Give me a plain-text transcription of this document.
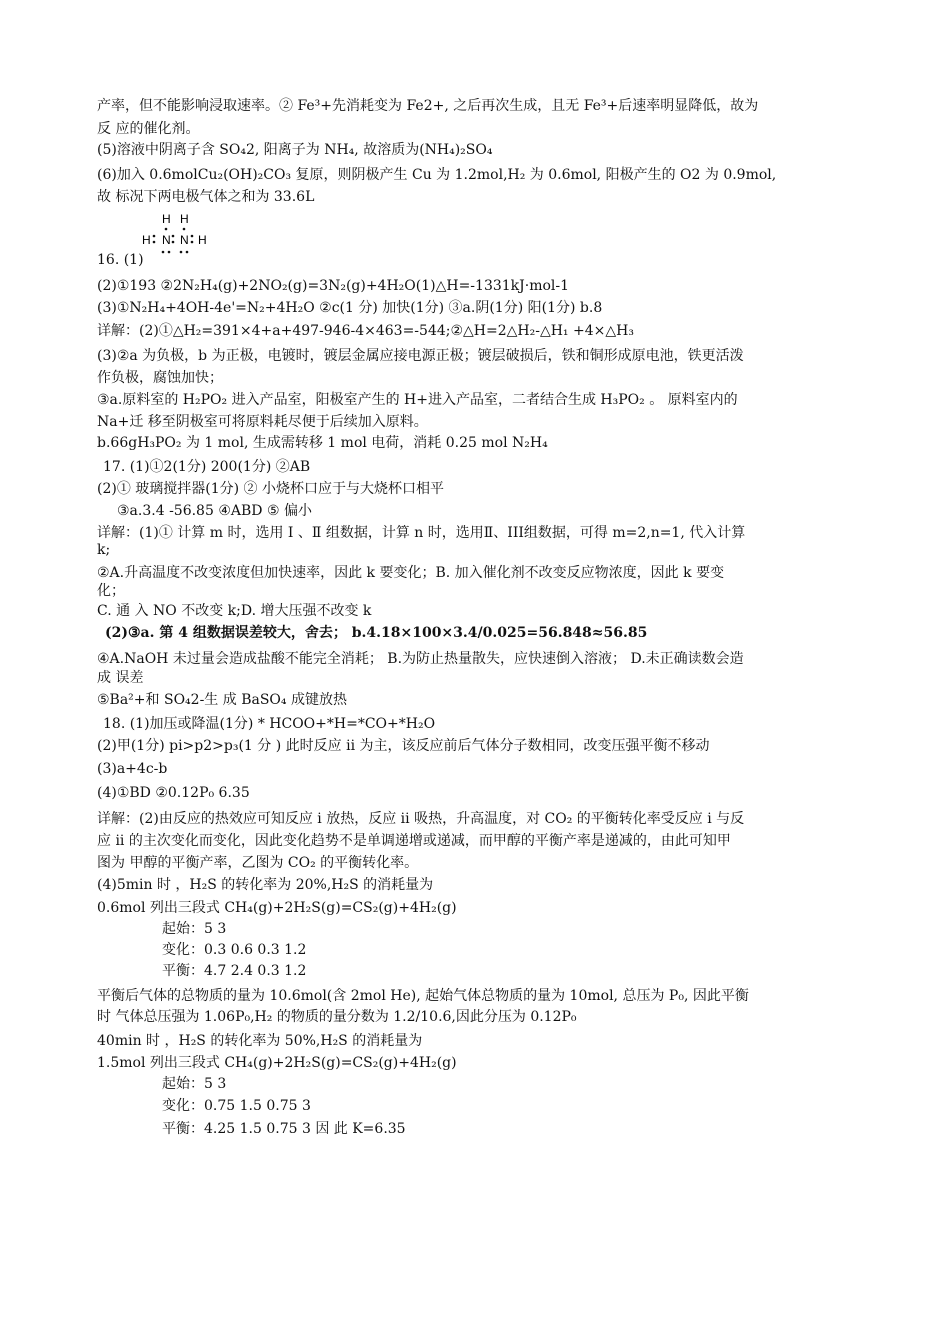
产率，但不能影响浸取速率。② Fe³+先消耗变为 Fe2+, 之后再次生成，且无 Fe³+后速率明显降低，故为
反 应的催化剂。
(5)溶液中阴离子含 SO₄2, 阳离子为 NH₄, 故溶质为(NH₄)₂SO₄
(6)加入 0.6molCu₂(OH)₂CO₃ 复原，则阴极产生 Cu 为 1.2mol,H₂ 为 0.6mol, 阳极产生的 O2 为 0.9mol,
故 标况下两电极气体之和为 33.6L
H H
H N N H
16. (1)
(2)①193 ②2N₂H₄(g)+2NO₂(g)=3N₂(g)+4H₂O(1)△H=-1331kJ·mol-1
(3)①N₂H₄+4OH-4e'=N₂+4H₂O ②c(1 分) 加快(1分) ③a.阴(1分) 阳(1分) b.8
详解：(2)①△H₂=391×4+a+497-946-4×463=-544;②△H=2△H₂-△H₁ +4×△H₃
(3)②a 为负极，b 为正极，电镀时，镀层金属应接电源正极；镀层破损后，铁和铜形成原电池，铁更活泼
作负极，腐蚀加快；
③a.原料室的 H₂PO₂ 进入产品室，阳极室产生的 H+进入产品室，二者结合生成 H₃PO₂ 。 原料室内的
Na+迁 移至阴极室可将原料耗尽便于后续加入原料。
b.66gH₃PO₂ 为 1 mol, 生成需转移 1 mol 电荷，消耗 0.25 mol N₂H₄
17. (1)①2(1分) 200(1分) ②AB
(2)① 玻璃搅拌器(1分) ② 小烧杯口应于与大烧杯口相平
③a.3.4 -56.85 ④ABD ⑤ 偏小
详解：(1)① 计算 m 时，选用 I 、Ⅱ 组数据，计算 n 时，选用Ⅱ、III组数据，可得 m=2,n=1, 代入计算
k;
②A.升高温度不改变浓度但加快速率，因此 k 要变化；B. 加入催化剂不改变反应物浓度，因此 k 要变
化；
C. 通 入 NO 不改变 k;D. 增大压强不改变 k
(2)③a. 第 4 组数据误差较大，舍去； b.4.18×100×3.4/0.025=56.848≈56.85
④A.NaOH 未过量会造成盐酸不能完全消耗； B.为防止热量散失，应快速倒入溶液； D.未正确读数会造
成 误差
⑤Ba²+和 SO₄2-生 成 BaSO₄ 成键放热
18. (1)加压或降温(1分) * HCOO+*H=*CO+*H₂O
(2)甲(1分) pi>p2>p₃(1 分 ) 此时反应 ii 为主，该反应前后气体分子数相同，改变压强平衡不移动
(3)a+4c-b
(4)①BD ②0.12P₀ 6.35
详解：(2)由反应的热效应可知反应 i 放热，反应 ii 吸热，升高温度，对 CO₂ 的平衡转化率受反应 i 与反
应 ii 的主次变化而变化，因此变化趋势不是单调递增或递减，而甲醇的平衡产率是递减的，由此可知甲
图为 甲醇的平衡产率，乙图为 CO₂ 的平衡转化率。
(4)5min 时 ，H₂S 的转化率为 20%,H₂S 的消耗量为
0.6mol 列出三段式 CH₄(g)+2H₂S(g)=CS₂(g)+4H₂(g)
起始：5 3
变化：0.3 0.6 0.3 1.2
平衡：4.7 2.4 0.3 1.2
平衡后气体的总物质的量为 10.6mol(含 2mol He), 起始气体总物质的量为 10mol, 总压为 P₀, 因此平衡
时 气体总压强为 1.06P₀,H₂ 的物质的量分数为 1.2/10.6,因此分压为 0.12P₀
40min 时 ，H₂S 的转化率为 50%,H₂S 的消耗量为
1.5mol 列出三段式 CH₄(g)+2H₂S(g)=CS₂(g)+4H₂(g)
起始：5 3
变化：0.75 1.5 0.75 3
平衡：4.25 1.5 0.75 3 因 此 K=6.35
